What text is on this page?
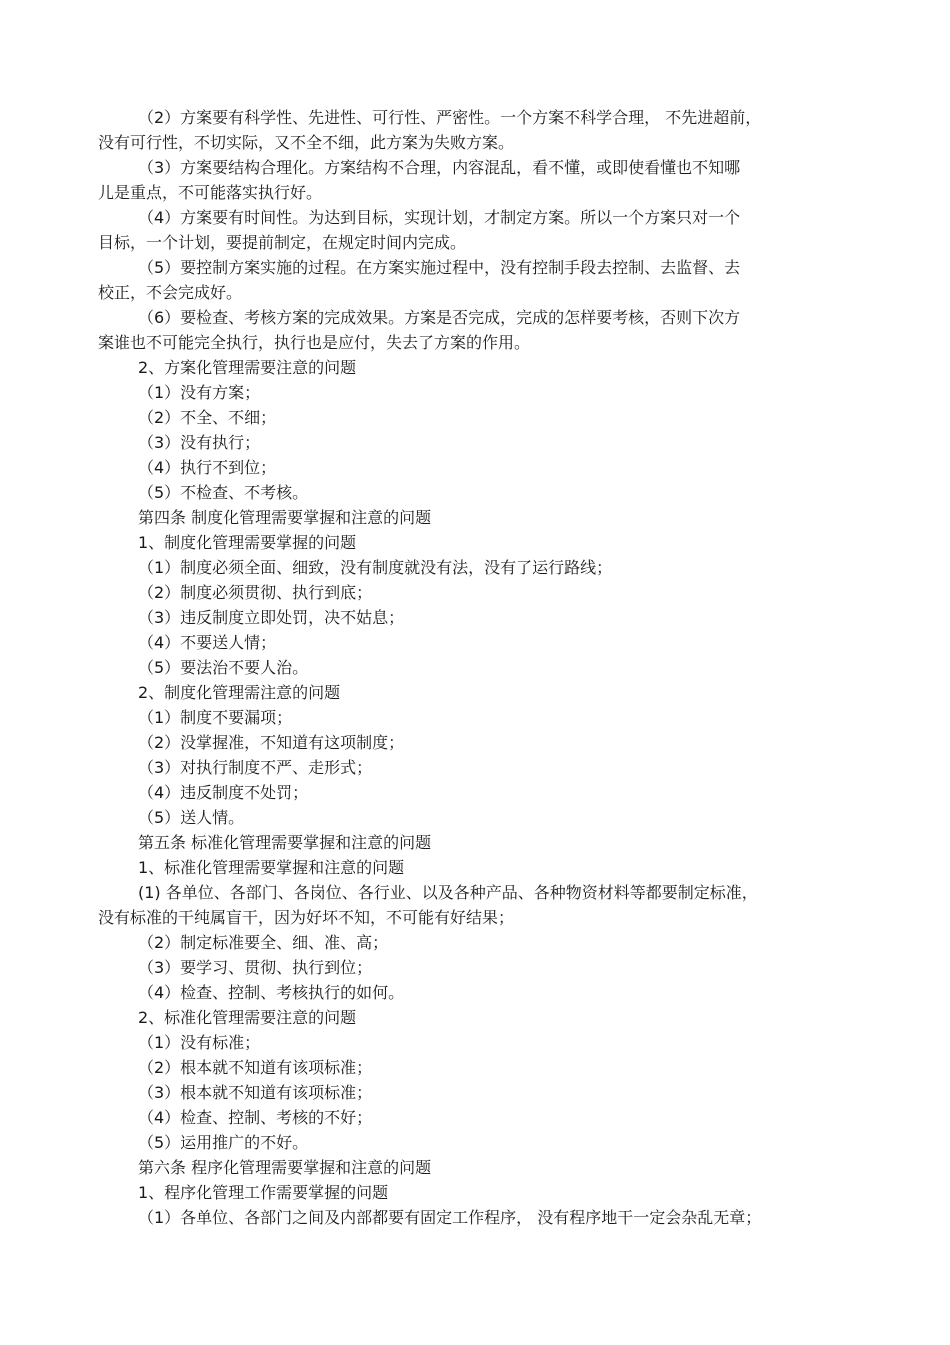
（2）方案要有科学性、先进性、可行性、严密性。一个方案不科学合理， 不先进超前，
没有可行性，不切实际，又不全不细，此方案为失败方案。
（3）方案要结构合理化。方案结构不合理，内容混乱，看不懂，或即使看懂也不知哪
儿是重点，不可能落实执行好。
（4）方案要有时间性。为达到目标，实现计划，才制定方案。所以一个方案只对一个
目标，一个计划，要提前制定，在规定时间内完成。
（5）要控制方案实施的过程。在方案实施过程中，没有控制手段去控制、去监督、去
校正，不会完成好。
（6）要检查、考核方案的完成效果。方案是否完成，完成的怎样要考核，否则下次方
案谁也不可能完全执行，执行也是应付，失去了方案的作用。
2、方案化管理需要注意的问题
（1）没有方案；
（2）不全、不细；
（3）没有执行；
（4）执行不到位；
（5）不检查、不考核。
第四条 制度化管理需要掌握和注意的问题
1、制度化管理需要掌握的问题
（1）制度必须全面、细致，没有制度就没有法，没有了运行路线；
（2）制度必须贯彻、执行到底；
（3）违反制度立即处罚，决不姑息；
（4）不要送人情；
（5）要法治不要人治。
2、制度化管理需注意的问题
（1）制度不要漏项；
（2）没掌握准，不知道有这项制度；
（3）对执行制度不严、走形式；
（4）违反制度不处罚；
（5）送人情。
第五条 标准化管理需要掌握和注意的问题
1、标准化管理需要掌握和注意的问题
(1) 各单位、各部门、各岗位、各行业、以及各种产品、各种物资材料等都要制定标准，
没有标准的干纯属盲干，因为好坏不知，不可能有好结果；
（2）制定标准要全、细、准、高；
（3）要学习、贯彻、执行到位；
（4）检查、控制、考核执行的如何。
2、标准化管理需要注意的问题
（1）没有标准；
（2）根本就不知道有该项标准；
（3）根本就不知道有该项标准；
（4）检查、控制、考核的不好；
（5）运用推广的不好。
第六条 程序化管理需要掌握和注意的问题
1、程序化管理工作需要掌握的问题
（1）各单位、各部门之间及内部都要有固定工作程序， 没有程序地干一定会杂乱无章；
